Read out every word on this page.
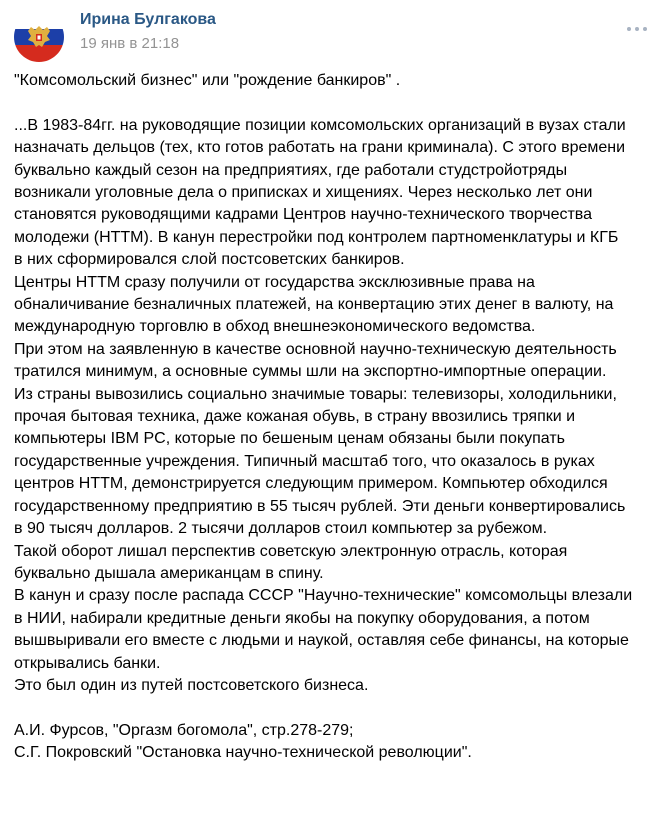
Ирина Булгакова
19 янв в 21:18

"Комсомольский бизнес" или "рождение банкиров" .

...В 1983-84гг. на руководящие позиции комсомольских организаций в вузах стали

назначать дельцов (тех, кто готов работать на грани криминала). С этого времени

буквально каждый сезон на предприятиях, где работали студстройотряды

возникали уголовные дела о приписках и хищениях. Через несколько лет они

становятся руководящими кадрами Центров научно-технического творчества

молодежи (НТТМ). В канун перестройки под контролем партноменклатуры и КГБ

в них сформировался слой постсоветских банкиров.

Центры НТТМ сразу получили от государства эксклюзивные права на

обналичивание безналичных платежей, на конвертацию этих денег в валюту, на

международную торговлю в обход внешнеэкономического ведомства.

При этом на заявленную в качестве основной научно-техническую деятельность

тратился минимум, а основные суммы шли на экспортно-импортные операции.

Из страны вывозились социально значимые товары: телевизоры, холодильники,

прочая бытовая техника, даже кожаная обувь, в страну ввозились тряпки и

компьютеры IBM PC, которые по бешеным ценам обязаны были покупать

государственные учреждения. Типичный масштаб того, что оказалось в руках

центров НТТМ, демонстрируется следующим примером. Компьютер обходился

государственному предприятию в 55 тысяч рублей. Эти деньги конвертировались

в 90 тысяч долларов. 2 тысячи долларов стоил компьютер за рубежом.

Такой оборот лишал перспектив советскую электронную отрасль, которая

буквально дышала американцам в спину.

В канун и сразу после распада СССР "Научно-технические" комсомольцы влезали

в НИИ, набирали кредитные деньги якобы на покупку оборудования, а потом

вышвыривали его вместе с людьми и наукой, оставляя себе финансы, на которые

открывались банки.

Это был один из путей постсоветского бизнеса.

А.И. Фурсов, "Оргазм богомола", стр.278-279;

С.Г. Покровский "Остановка научно-технической революции".
